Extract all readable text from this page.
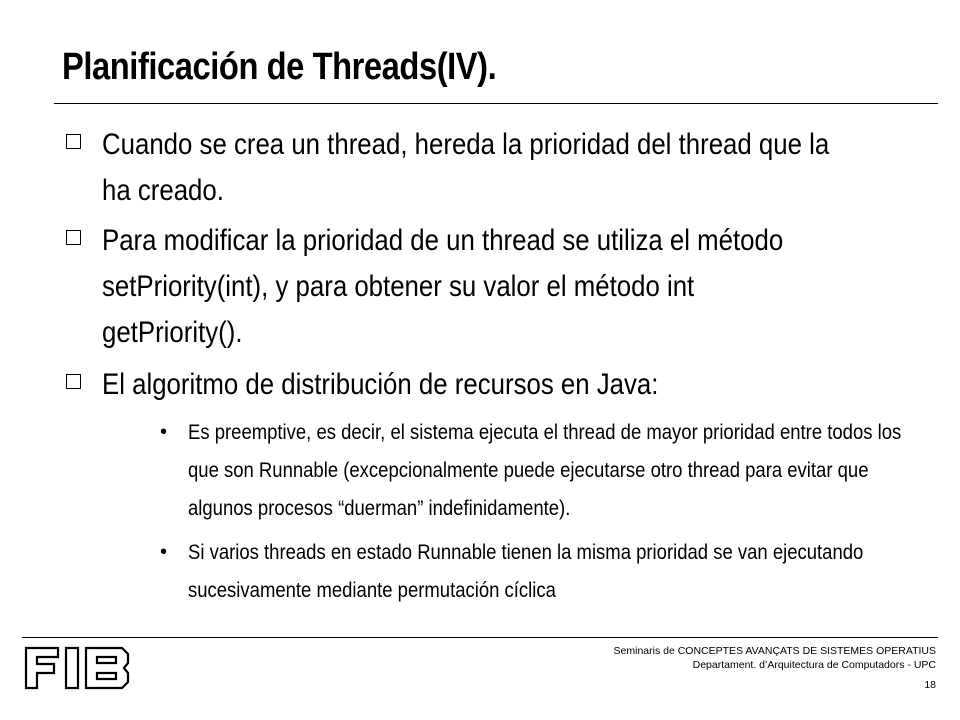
Planificación de Threads(IV).
Cuando se crea un thread, hereda la prioridad del thread que la ha creado.
Para modificar la prioridad de un thread se utiliza el método setPriority(int), y para obtener su valor el método int getPriority().
El algoritmo de distribución de recursos en Java:
• Es preemptive, es decir, el sistema ejecuta el thread de mayor prioridad entre todos los que son Runnable (excepcionalmente puede ejecutarse otro thread para evitar que algunos procesos “duerman” indefinidamente).
• Si varios threads en estado Runnable tienen la misma prioridad se van ejecutando sucesivamente mediante permutación cíclica
Seminaris de CONCEPTES AVANÇATS DE SISTEMES OPERATIUS
Departament. d’Arquitectura de Computadors - UPC
18
